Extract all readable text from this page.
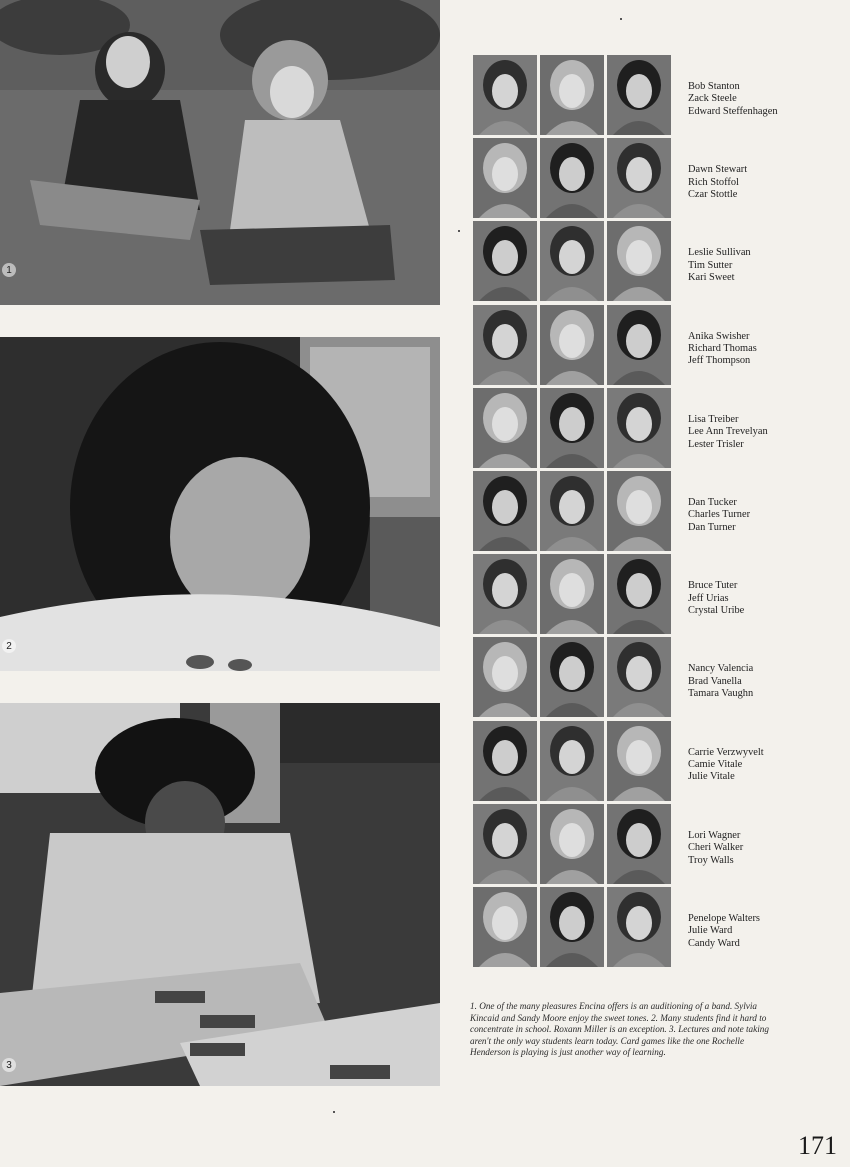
1
2
3
Bob Stanton
Zack Steele
Edward Steffenhagen
Dawn Stewart
Rich Stoffol
Czar Stottle
Leslie Sullivan
Tim Sutter
Kari Sweet
Anika Swisher
Richard Thomas
Jeff Thompson
Lisa Treiber
Lee Ann Trevelyan
Lester Trisler
Dan Tucker
Charles Turner
Dan Turner
Bruce Tuter
Jeff Urias
Crystal Uribe
Nancy Valencia
Brad Vanella
Tamara Vaughn
Carrie Verzwyvelt
Camie Vitale
Julie Vitale
Lori Wagner
Cheri Walker
Troy Walls
Penelope Walters
Julie Ward
Candy Ward
1. One of the many pleasures Encina offers is an auditioning of a band. Sylvia Kincaid and Sandy Moore enjoy the sweet tones. 2. Many students find it hard to concentrate in school. Roxann Miller is an exception. 3. Lectures and note taking aren't the only way students learn today. Card games like the one Rochelle Henderson is playing is just another way of learning.
171
